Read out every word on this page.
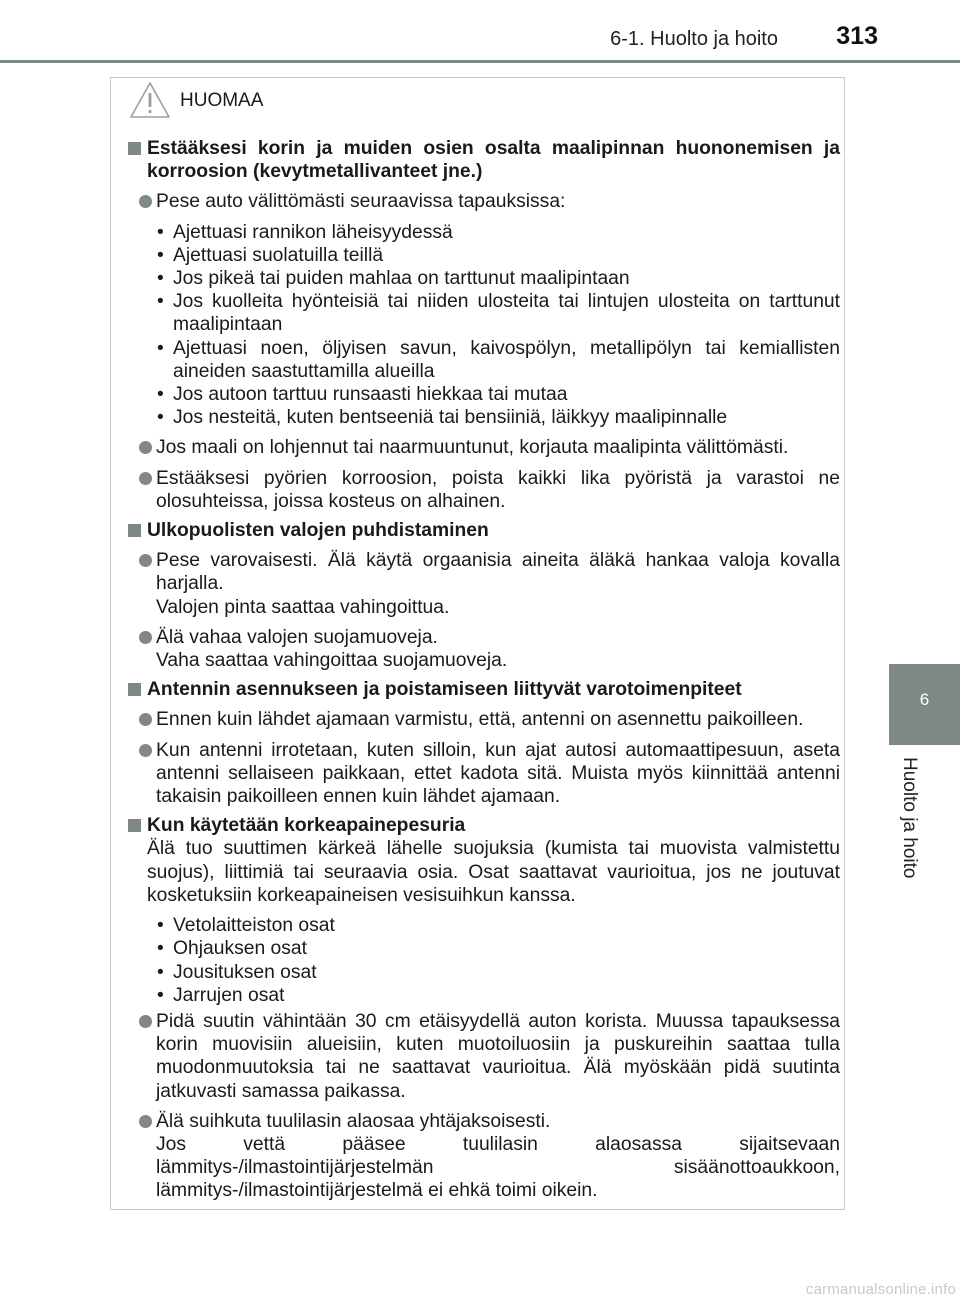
6-1. Huolto ja hoito 313
6
Huolto ja hoito
HUOMAA
Estääksesi korin ja muiden osien osalta maalipinnan huononemisen ja korroosion (kevytmetallivanteet jne.)
Pese auto välittömästi seuraavissa tapauksissa:
• Ajettuasi rannikon läheisyydessä
• Ajettuasi suolatuilla teillä
• Jos pikeä tai puiden mahlaa on tarttunut maalipintaan
• Jos kuolleita hyönteisiä tai niiden ulosteita tai lintujen ulosteita on tarttunut maalipintaan
• Ajettuasi noen, öljyisen savun, kaivospölyn, metallipölyn tai kemiallisten aineiden saastuttamilla alueilla
• Jos autoon tarttuu runsaasti hiekkaa tai mutaa
• Jos nesteitä, kuten bentseeniä tai bensiiniä, läikkyy maalipinnalle
Jos maali on lohjennut tai naarmuuntunut, korjauta maalipinta välittömästi.
Estääksesi pyörien korroosion, poista kaikki lika pyöristä ja varastoi ne olosuhteissa, joissa kosteus on alhainen.
Ulkopuolisten valojen puhdistaminen
Pese varovaisesti. Älä käytä orgaanisia aineita äläkä hankaa valoja kovalla harjalla.
Valojen pinta saattaa vahingoittua.
Älä vahaa valojen suojamuoveja.
Vaha saattaa vahingoittaa suojamuoveja.
Antennin asennukseen ja poistamiseen liittyvät varotoimenpiteet
Ennen kuin lähdet ajamaan varmistu, että, antenni on asennettu paikoilleen.
Kun antenni irrotetaan, kuten silloin, kun ajat autosi automaattipesuun, aseta antenni sellaiseen paikkaan, ettet kadota sitä. Muista myös kiinnittää antenni takaisin paikoilleen ennen kuin lähdet ajamaan.
Kun käytetään korkeapainepesuria
Älä tuo suuttimen kärkeä lähelle suojuksia (kumista tai muovista valmistettu suojus), liittimiä tai seuraavia osia. Osat saattavat vaurioitua, jos ne joutuvat kosketuksiin korkeapaineisen vesisuihkun kanssa.
• Vetolaitteiston osat
• Ohjauksen osat
• Jousituksen osat
• Jarrujen osat
Pidä suutin vähintään 30 cm etäisyydellä auton korista. Muussa tapauksessa korin muovisiin alueisiin, kuten muotoiluosiin ja puskureihin saattaa tulla muodonmuutoksia tai ne saattavat vaurioitua. Älä myöskään pidä suutinta jatkuvasti samassa paikassa.
Älä suihkuta tuulilasin alaosaa yhtäjaksoisesti.
Jos vettä pääsee tuulilasin alaosassa sijaitsevaan lämmitys-/ilmastointijärjestelmän sisäänottoaukkoon, lämmitys-/ilmastointijärjestelmä ei ehkä toimi oikein.
carmanualsonline.info
